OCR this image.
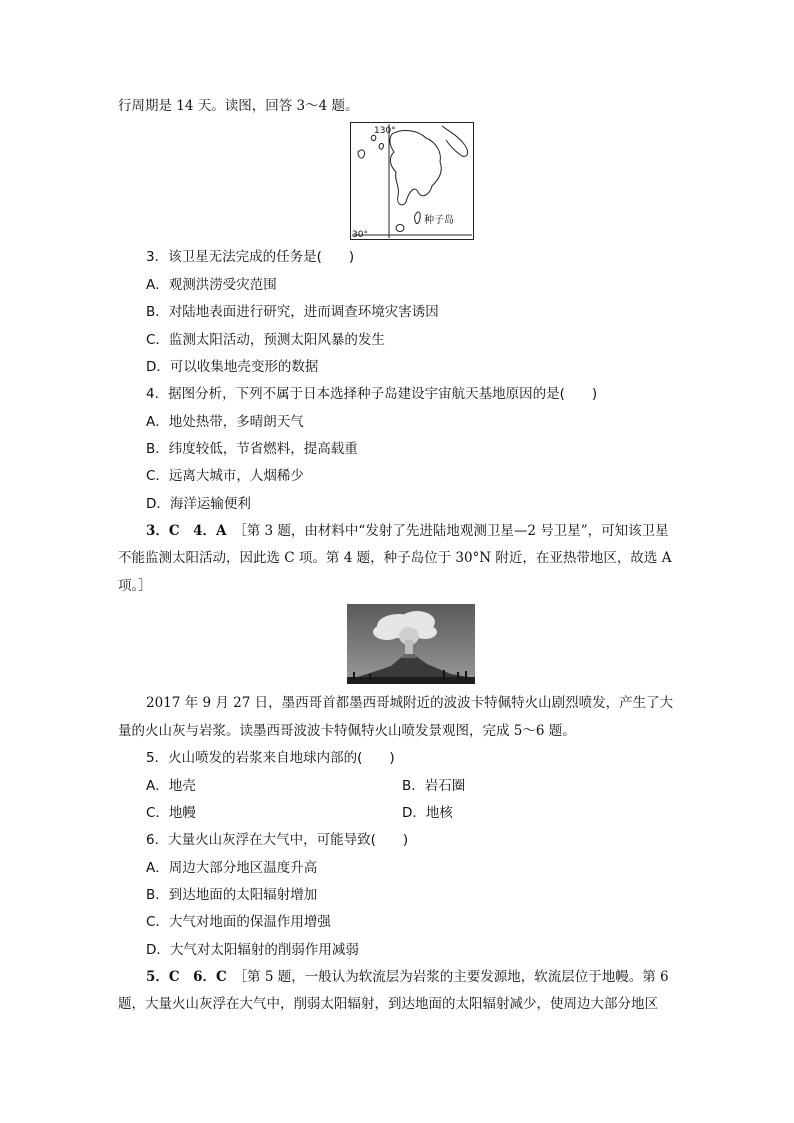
行周期是 14 天。读图，回答 3～4 题。
130°
30°
种子岛
3．该卫星无法完成的任务是(　　)
A．观测洪涝受灾范围
B．对陆地表面进行研究，进而调查环境灾害诱因
C．监测太阳活动，预测太阳风暴的发生
D．可以收集地壳变形的数据
4．据图分析，下列不属于日本选择种子岛建设宇宙航天基地原因的是(　　)
A．地处热带，多晴朗天气
B．纬度较低，节省燃料，提高载重
C．远离大城市，人烟稀少
D．海洋运输便利
3．C　4．A　 ［第 3 题，由材料中“发射了先进陆地观测卫星—2 号卫星”，可知该卫星
不能监测太阳活动，因此选 C 项。第 4 题，种子岛位于 30°N 附近，在亚热带地区，故选 A
项。］
2017 年 9 月 27 日，墨西哥首都墨西哥城附近的波波卡特佩特火山剧烈喷发，产生了大
量的火山灰与岩浆。读墨西哥波波卡特佩特火山喷发景观图，完成 5～6 题。
5．火山喷发的岩浆来自地球内部的(　　)
A．地壳	B．岩石圈
C．地幔	D．地核
6．大量火山灰浮在大气中，可能导致(　　)
A．周边大部分地区温度升高
B．到达地面的太阳辐射增加
C．大气对地面的保温作用增强
D．大气对太阳辐射的削弱作用减弱
5．C　6．C　 ［第 5 题，一般认为软流层为岩浆的主要发源地，软流层位于地幔。第 6
题，大量火山灰浮在大气中，削弱太阳辐射，到达地面的太阳辐射减少，使周边大部分地区
